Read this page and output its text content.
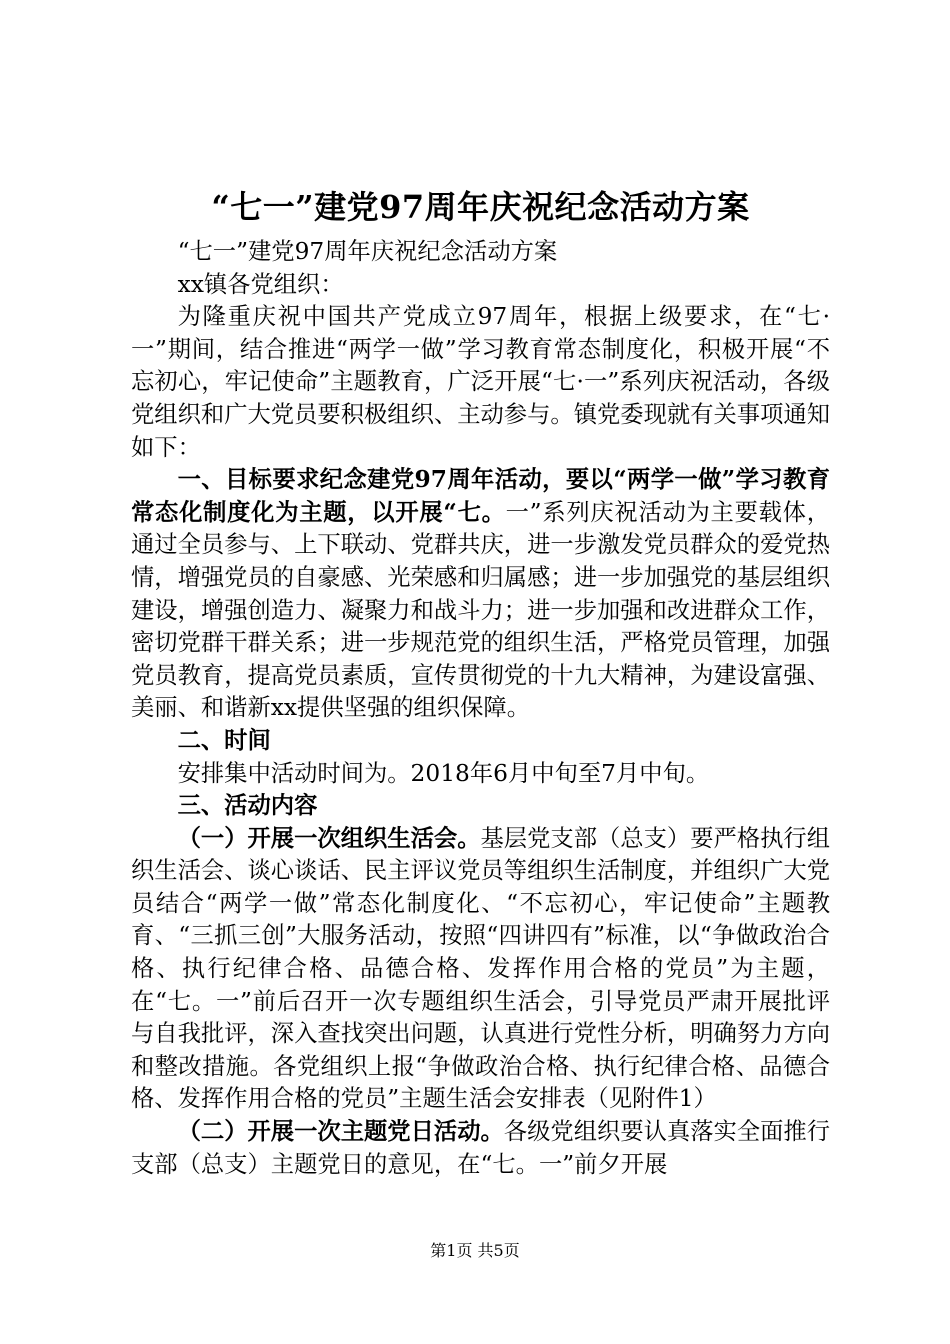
“七一”建党97周年庆祝纪念活动方案

“七一”建党97周年庆祝纪念活动方案

xx镇各党组织：

为隆重庆祝中国共产党成立97周年，根据上级要求，在“七·一”期间，结合推进“两学一做”学习教育常态制度化，积极开展“不忘初心，牢记使命”主题教育，广泛开展“七·一”系列庆祝活动，各级党组织和广大党员要积极组织、主动参与。镇党委现就有关事项通知如下：

一、目标要求纪念建党97周年活动，要以“两学一做”学习教育常态化制度化为主题，以开展“七。一”系列庆祝活动为主要载体，通过全员参与、上下联动、党群共庆，进一步激发党员群众的爱党热情，增强党员的自豪感、光荣感和归属感；进一步加强党的基层组织建设，增强创造力、凝聚力和战斗力；进一步加强和改进群众工作，密切党群干群关系；进一步规范党的组织生活，严格党员管理，加强党员教育，提高党员素质，宣传贯彻党的十九大精神，为建设富强、美丽、和谐新xx提供坚强的组织保障。

二、时间

安排集中活动时间为。2018年6月中旬至7月中旬。

三、活动内容

（一）开展一次组织生活会。基层党支部（总支）要严格执行组织生活会、谈心谈话、民主评议党员等组织生活制度，并组织广大党员结合“两学一做”常态化制度化、“不忘初心，牢记使命”主题教育、“三抓三创”大服务活动，按照“四讲四有”标准，以“争做政治合格、执行纪律合格、品德合格、发挥作用合格的党员”为主题，在“七。一”前后召开一次专题组织生活会，引导党员严肃开展批评与自我批评，深入查找突出问题，认真进行党性分析，明确努力方向和整改措施。各党组织上报“争做政治合格、执行纪律合格、品德合格、发挥作用合格的党员”主题生活会安排表（见附件1）

（二）开展一次主题党日活动。各级党组织要认真落实全面推行支部（总支）主题党日的意见，在“七。一”前夕开展

第1页 共5页
